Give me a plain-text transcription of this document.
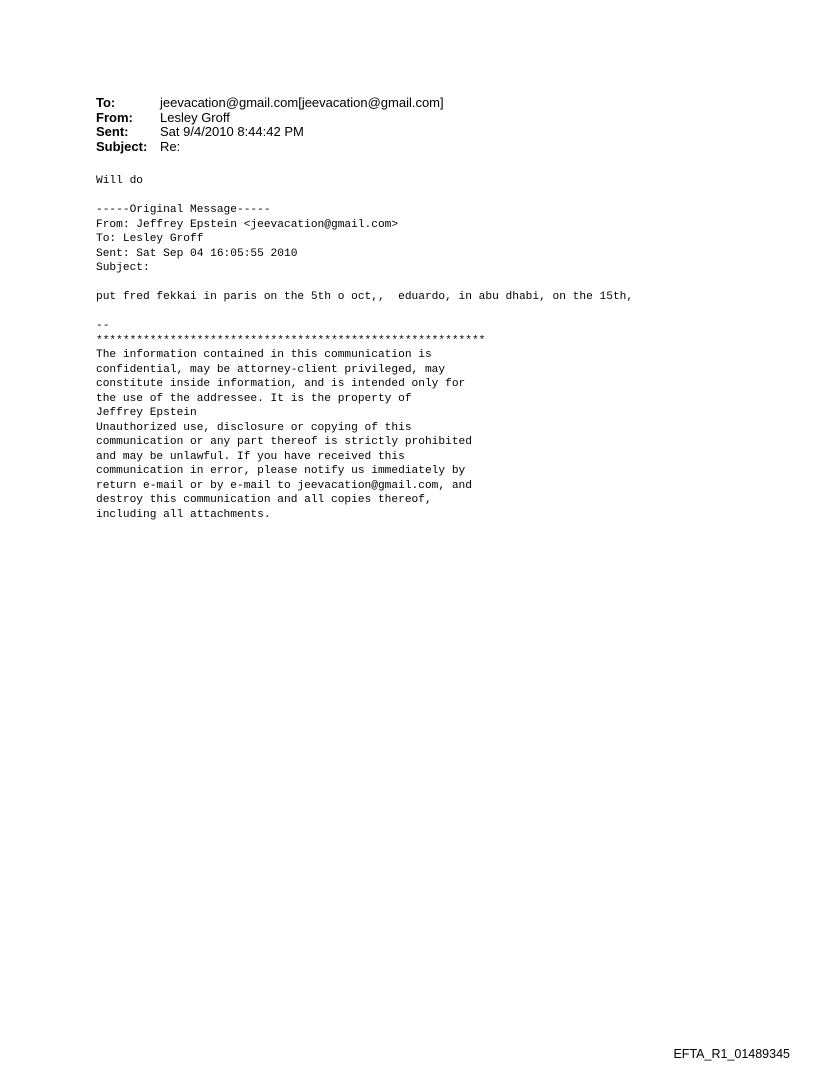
To:	jeevacation@gmail.com[jeevacation@gmail.com]
From:	Lesley Groff
Sent:	Sat 9/4/2010 8:44:42 PM
Subject: Re:
Will do
-----Original Message-----
From: Jeffrey Epstein <jeevacation@gmail.com>
To: Lesley Groff
Sent: Sat Sep 04 16:05:55 2010
Subject:
put fred fekkai in paris on the 5th o oct,,  eduardo, in abu dhabi, on the 15th,
--
**********************************************************
The information contained in this communication is
confidential, may be attorney-client privileged, may
constitute inside information, and is intended only for
the use of the addressee. It is the property of
Jeffrey Epstein
Unauthorized use, disclosure or copying of this
communication or any part thereof is strictly prohibited
and may be unlawful. If you have received this
communication in error, please notify us immediately by
return e-mail or by e-mail to jeevacation@gmail.com, and
destroy this communication and all copies thereof,
including all attachments.
EFTA_R1_01489345
